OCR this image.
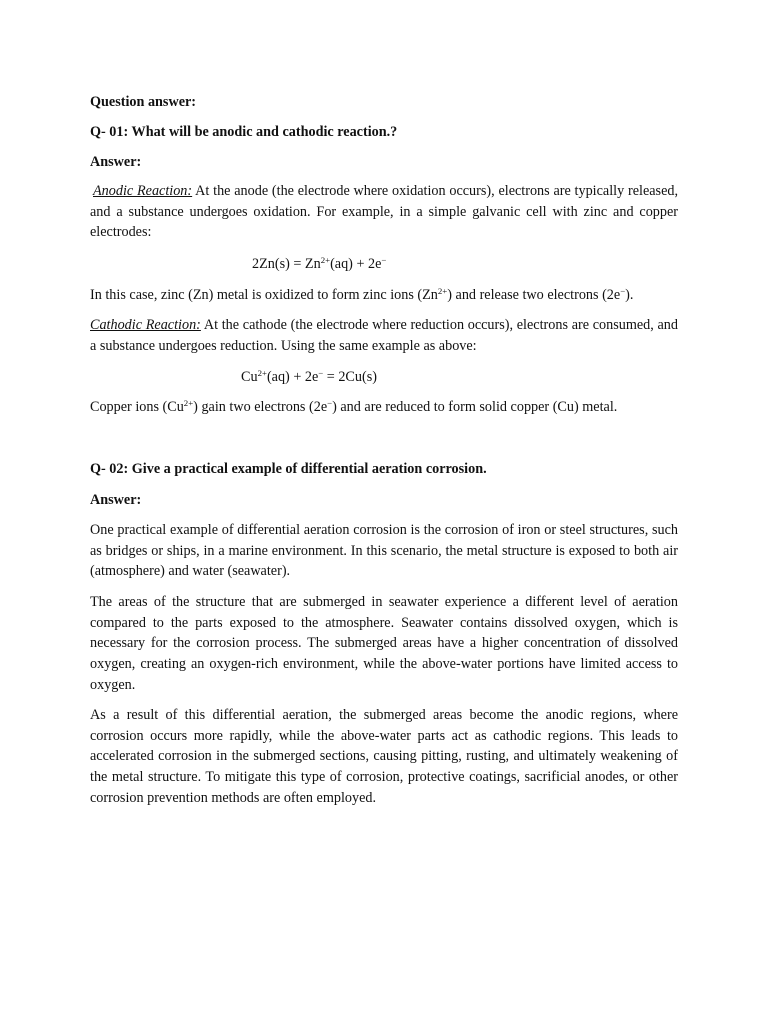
Question answer:

Q- 01: What will be anodic and cathodic reaction.?

Answer:

Anodic Reaction: At the anode (the electrode where oxidation occurs), electrons are typically released, and a substance undergoes oxidation. For example, in a simple galvanic cell with zinc and copper electrodes:

$2Zn(s) = Zn^{2+}(aq) + 2e^-$

In this case, zinc (Zn) metal is oxidized to form zinc ions $(Zn^{2+})$ and release two electrons (2e−).

Cathodic Reaction: At the cathode (the electrode where reduction occurs), electrons are consumed, and a substance undergoes reduction. Using the same example as above:

$Cu^{2+}(aq) + 2e^- = 2Cu(s)$

Copper ions $(Cu^{2+})$ gain two electrons (2e−) and are reduced to form solid copper (Cu) metal.

Q- 02: Give a practical example of differential aeration corrosion.

Answer:

One practical example of differential aeration corrosion is the corrosion of iron or steel structures, such as bridges or ships, in a marine environment. In this scenario, the metal structure is exposed to both air (atmosphere) and water (seawater).

The areas of the structure that are submerged in seawater experience a different level of aeration compared to the parts exposed to the atmosphere. Seawater contains dissolved oxygen, which is necessary for the corrosion process. The submerged areas have a higher concentration of dissolved oxygen, creating an oxygen-rich environment, while the above-water portions have limited access to oxygen.

As a result of this differential aeration, the submerged areas become the anodic regions, where corrosion occurs more rapidly, while the above-water parts act as cathodic regions. This leads to accelerated corrosion in the submerged sections, causing pitting, rusting, and ultimately weakening of the metal structure. To mitigate this type of corrosion, protective coatings, sacrificial anodes, or other corrosion prevention methods are often employed.
